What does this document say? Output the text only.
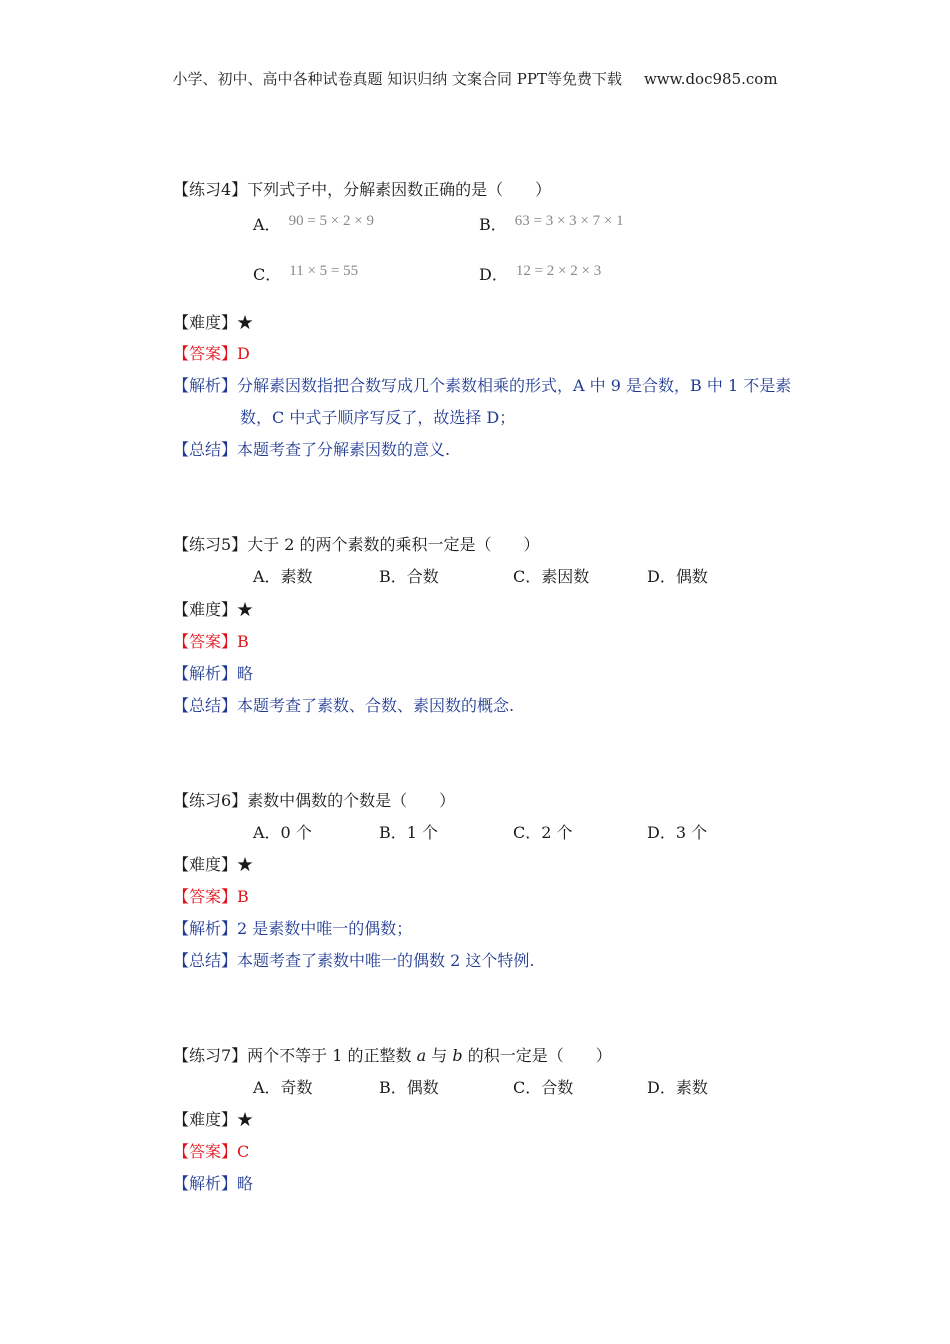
小学、初中、高中各种试卷真题 知识归纳 文案合同 PPT等免费下载 www.doc985.com
【练习4】下列式子中，分解素因数正确的是（　　）
A． 90 = 5 × 2 × 9	B． 63 = 3 × 3 × 7 × 1
C． 11 × 5 = 55	D． 12 = 2 × 2 × 3
【难度】★
【答案】D
【解析】分解素因数指把合数写成几个素数相乘的形式，A 中 9 是合数，B 中 1 不是素
数，C 中式子顺序写反了，故选择 D；
【总结】本题考查了分解素因数的意义.
【练习5】大于 2 的两个素数的乘积一定是（　　）
A．素数	B．合数	C．素因数	D．偶数
【难度】★
【答案】B
【解析】略
【总结】本题考查了素数、合数、素因数的概念.
【练习6】素数中偶数的个数是（　　）
A．0 个	B．1 个	C．2 个	D．3 个
【难度】★
【答案】B
【解析】2 是素数中唯一的偶数；
【总结】本题考查了素数中唯一的偶数 2 这个特例.
【练习7】两个不等于 1 的正整数 a 与 b 的积一定是（　　）
A．奇数	B．偶数	C．合数	D．素数
【难度】★
【答案】C
【解析】略
